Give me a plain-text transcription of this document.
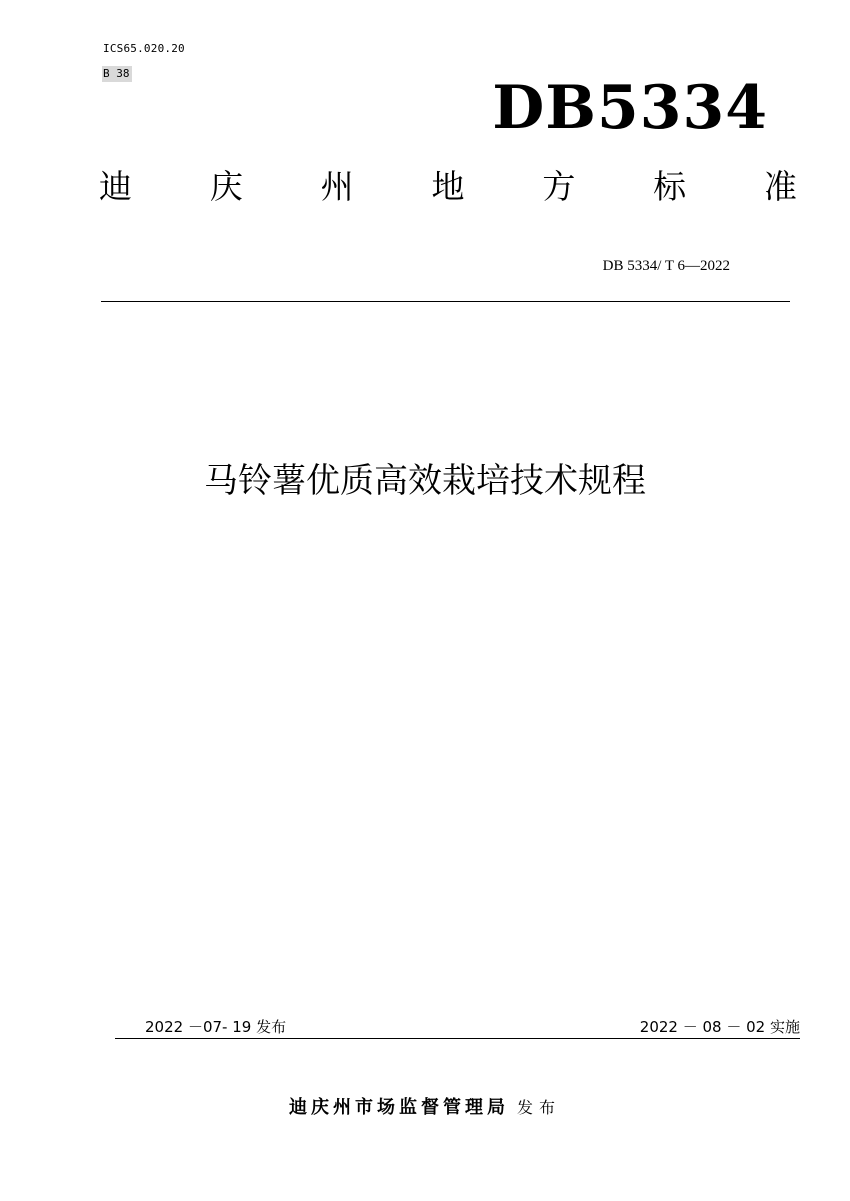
ICS65.020.20
B 38	DB5334
迪 庆 州 地 方 标 准
DB 5334/ T 6—2022
马铃薯优质高效栽培技术规程
2022 －07- 19 发布	2022 － 08 － 02 实施
迪庆州市场监督管理局 发布
